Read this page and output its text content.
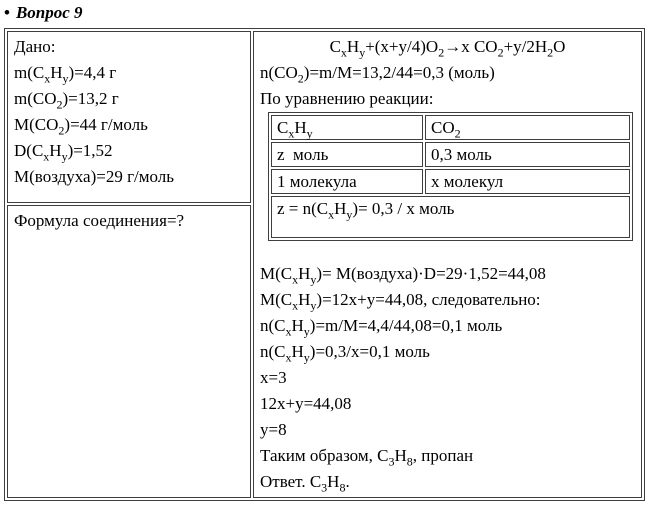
• Вопрос 9
Дано:
$m(C_xH_y)=4,4$ г
$m(CO_2)=13,2$ г
$M(CO_2)=44$ г/моль
$D(C_xH_y)=1,52$
M(воздуха)=29 г/моль

$C_xH_y+(x+y/4)O_2\to x$ $CO_2+y/2H_2O$
$n(CO_2)=m/M=13,2/44=0,3$ (моль)
По уравнению реакции:
$C_xH_y$	$CO_2$
z  моль	0,3 моль
1 молекула	x молекул
$z = n(C_xH_y)= 0,3 / x$ моль
$M(C_xH_y)=$ M(воздуха)·D=29·1,52=44,08
$M(C_xH_y)=12x+y=44,08$, следовательно:
$n(C_xH_y)=m/M=4,4/44,08=0,1$ моль
$n(C_xH_y)=0,3/x=0,1$ моль
x=3
12x+y=44,08
y=8
Таким образом, $C_3H_8$, пропан
Ответ. $C_3H_8$.

Формула соединения=?
